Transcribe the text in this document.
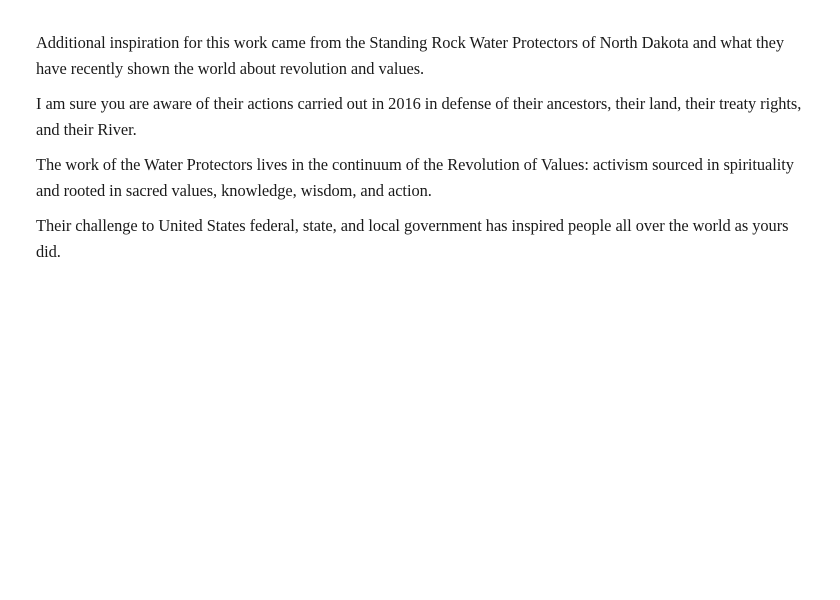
Additional inspiration for this work came from the Standing Rock Water Protectors of North Dakota and what they have recently shown the world about revolution and values.

I am sure you are aware of their actions carried out in 2016 in defense of their ancestors, their land, their treaty rights, and their River.

The work of the Water Protectors lives in the continuum of the Revolution of Values: activism sourced in spirituality and rooted in sacred values, knowledge, wisdom, and action.

Their challenge to United States federal, state, and local government has inspired people all over the world as yours did.
